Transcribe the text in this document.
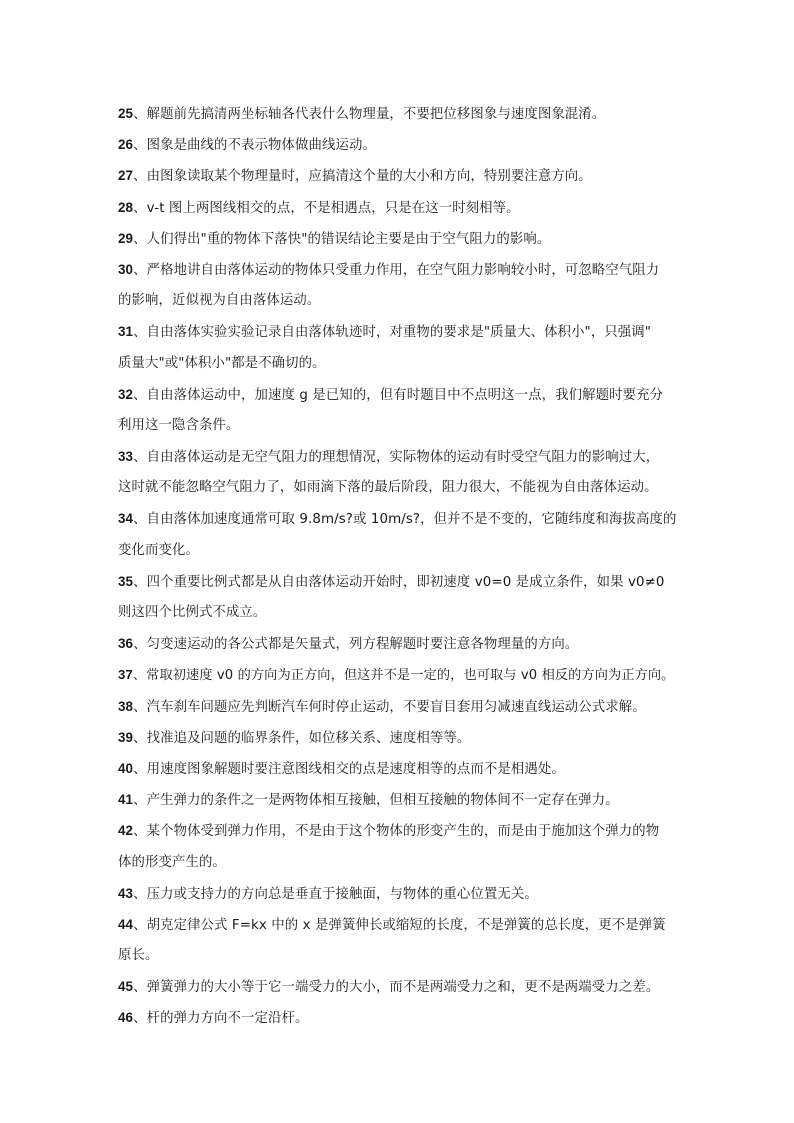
25、解题前先搞清两坐标轴各代表什么物理量，不要把位移图象与速度图象混淆。
26、图象是曲线的不表示物体做曲线运动。
27、由图象读取某个物理量时，应搞清这个量的大小和方向，特别要注意方向。
28、v-t 图上两图线相交的点，不是相遇点，只是在这一时刻相等。
29、人们得出"重的物体下落快"的错误结论主要是由于空气阻力的影响。
30、严格地讲自由落体运动的物体只受重力作用，在空气阻力影响较小时，可忽略空气阻力
的影响，近似视为自由落体运动。
31、自由落体实验实验记录自由落体轨迹时，对重物的要求是"质量大、体积小"，只强调"
质量大"或"体积小"都是不确切的。
32、自由落体运动中，加速度 g 是已知的，但有时题目中不点明这一点，我们解题时要充分
利用这一隐含条件。
33、自由落体运动是无空气阻力的理想情况，实际物体的运动有时受空气阻力的影响过大，
这时就不能忽略空气阻力了，如雨滴下落的最后阶段，阻力很大，不能视为自由落体运动。
34、自由落体加速度通常可取 9.8m/s?或 10m/s?，但并不是不变的，它随纬度和海拔高度的
变化而变化。
35、四个重要比例式都是从自由落体运动开始时，即初速度 v0=0 是成立条件，如果 v0≠0
则这四个比例式不成立。
36、匀变速运动的各公式都是矢量式，列方程解题时要注意各物理量的方向。
37、常取初速度 v0 的方向为正方向，但这并不是一定的，也可取与 v0 相反的方向为正方向。
38、汽车刹车问题应先判断汽车何时停止运动，不要盲目套用匀减速直线运动公式求解。
39、找准追及问题的临界条件，如位移关系、速度相等等。
40、用速度图象解题时要注意图线相交的点是速度相等的点而不是相遇处。
41、产生弹力的条件之一是两物体相互接触，但相互接触的物体间不一定存在弹力。
42、某个物体受到弹力作用，不是由于这个物体的形变产生的，而是由于施加这个弹力的物
体的形变产生的。
43、压力或支持力的方向总是垂直于接触面，与物体的重心位置无关。
44、胡克定律公式 F=kx 中的 x 是弹簧伸长或缩短的长度，不是弹簧的总长度，更不是弹簧
原长。
45、弹簧弹力的大小等于它一端受力的大小，而不是两端受力之和，更不是两端受力之差。
46、杆的弹力方向不一定沿杆。
